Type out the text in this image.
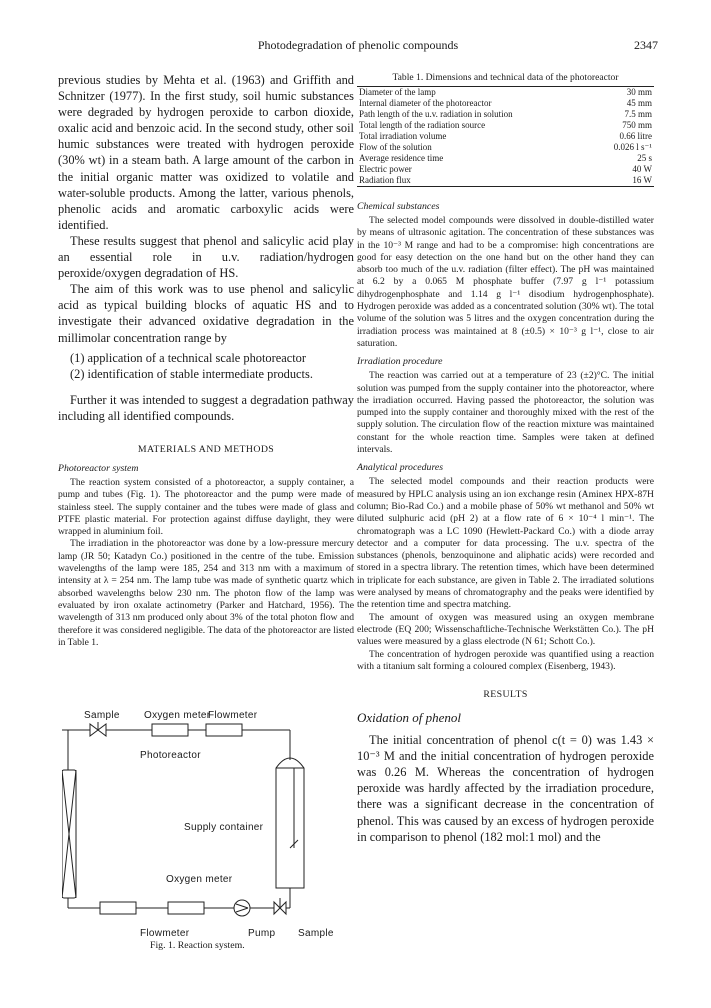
Photodegradation of phenolic compounds	2347

previous studies by Mehta et al. (1963) and Griffith and Schnitzer (1977). In the first study, soil humic substances were degraded by hydrogen peroxide to carbon dioxide, oxalic acid and benzoic acid. In the second study, other soil humic substances were treated with hydrogen peroxide (30% wt) in a steam bath. A large amount of the carbon in the initial organic matter was oxidized to volatile and water-soluble products. Among the latter, various phenols, phenolic acids and aromatic carboxylic acids were identified.

These results suggest that phenol and salicylic acid play an essential role in u.v. radiation/hydrogen peroxide/oxygen degradation of HS.

The aim of this work was to use phenol and salicylic acid as typical building blocks of aquatic HS and to investigate their advanced oxidative degradation in the millimolar concentration range by

(1) application of a technical scale photoreactor

(2) identification of stable intermediate products.

Further it was intended to suggest a degradation pathway including all identified compounds.

MATERIALS AND METHODS

Photoreactor system

The reaction system consisted of a photoreactor, a supply container, a pump and tubes (Fig. 1). The photoreactor and the pump were made of stainless steel. The supply container and the tubes were made of glass and PTFE plastic material. For protection against diffuse daylight, they were wrapped in aluminium foil.

The irradiation in the photoreactor was done by a low-pressure mercury lamp (JR 50; Katadyn Co.) positioned in the centre of the tube. Emission wavelengths of the lamp were 185, 254 and 313 nm with a maximum of intensity at λ = 254 nm. The lamp tube was made of synthetic quartz which absorbed wavelengths below 230 nm. The photon flow of the lamp was evaluated by iron oxalate actinometry (Parker and Hatchard, 1956). The wavelength of 313 nm produced only about 3% of the total photon flow and therefore it was considered negligible. The data of the photoreactor are listed in Table 1.

Sample Oxygen meter
Flowmeter
Photoreactor
Supply container
Oxygen meter
Flowmeter	Pump Sample
Fig. 1. Reaction system.

Table 1. Dimensions and technical data of the photoreactor

Diameter of the lamp	30 mm
Internal diameter of the photoreactor	45 mm
Path length of the u.v. radiation in solution	7.5 mm
Total length of the radiation source	750 mm
Total irradiation volume	0.66 litre
Flow of the solution	0.026 l s⁻¹
Average residence time	25 s
Electric power	40 W
Radiation flux	16 W

Chemical substances

The selected model compounds were dissolved in double-distilled water by means of ultrasonic agitation. The concentration of these substances was in the 10⁻³ M range and had to be a compromise: high concentrations are good for easy detection on the one hand but on the other hand they can absorb too much of the u.v. radiation (filter effect). The pH was maintained at 6.2 by a 0.065 M phosphate buffer (7.97 g l⁻¹ potassium dihydrogenphosphate and 1.14 g l⁻¹ disodium hydrogenphosphate). Hydrogen peroxide was added as a concentrated solution (30% wt). The total volume of the solution was 5 litres and the oxygen concentration during the irradiation process was maintained at 8 (±0.5) × 10⁻³ g l⁻¹, close to air saturation.

Irradiation procedure

The reaction was carried out at a temperature of 23 (±2)°C. The initial solution was pumped from the supply container into the photoreactor, where the irradiation occurred. Having passed the photoreactor, the solution was pumped into the supply container and thoroughly mixed with the rest of the supply solution. The circulation flow of the reaction mixture was maintained constant for the whole reaction time. Samples were taken at defined intervals.

Analytical procedures

The selected model compounds and their reaction products were measured by HPLC analysis using an ion exchange resin (Aminex HPX-87H column; Bio-Rad Co.) and a mobile phase of 50% wt methanol and 50% wt diluted sulphuric acid (pH 2) at a flow rate of 6 × 10⁻⁴ l min⁻¹. The chromatograph was a LC 1090 (Hewlett-Packard Co.) with a diode array detector and a computer for data processing. The u.v. spectra of the substances (phenols, benzoquinone and aliphatic acids) were recorded and stored in a spectra library. The retention times, which have been determined in triplicate for each substance, are given in Table 2. The irradiated solutions were analysed by means of chromatography and the peaks were identified by the retention time and spectra matching.

The amount of oxygen was measured using an oxygen membrane electrode (EQ 200; Wissenschaftliche-Technische Werkstätten Co.). The pH values were measured by a glass electrode (N 61; Schott Co.).

The concentration of hydrogen peroxide was quantified using a reaction with a titanium salt forming a coloured complex (Eisenberg, 1943).

RESULTS

Oxidation of phenol

The initial concentration of phenol c(t = 0) was 1.43 × 10⁻³ M and the initial concentration of hydrogen peroxide was 0.26 M. Whereas the concentration of hydrogen peroxide was hardly affected by the irradiation procedure, there was a significant decrease in the concentration of phenol. This was caused by an excess of hydrogen peroxide in comparison to phenol (182 mol:1 mol) and the
